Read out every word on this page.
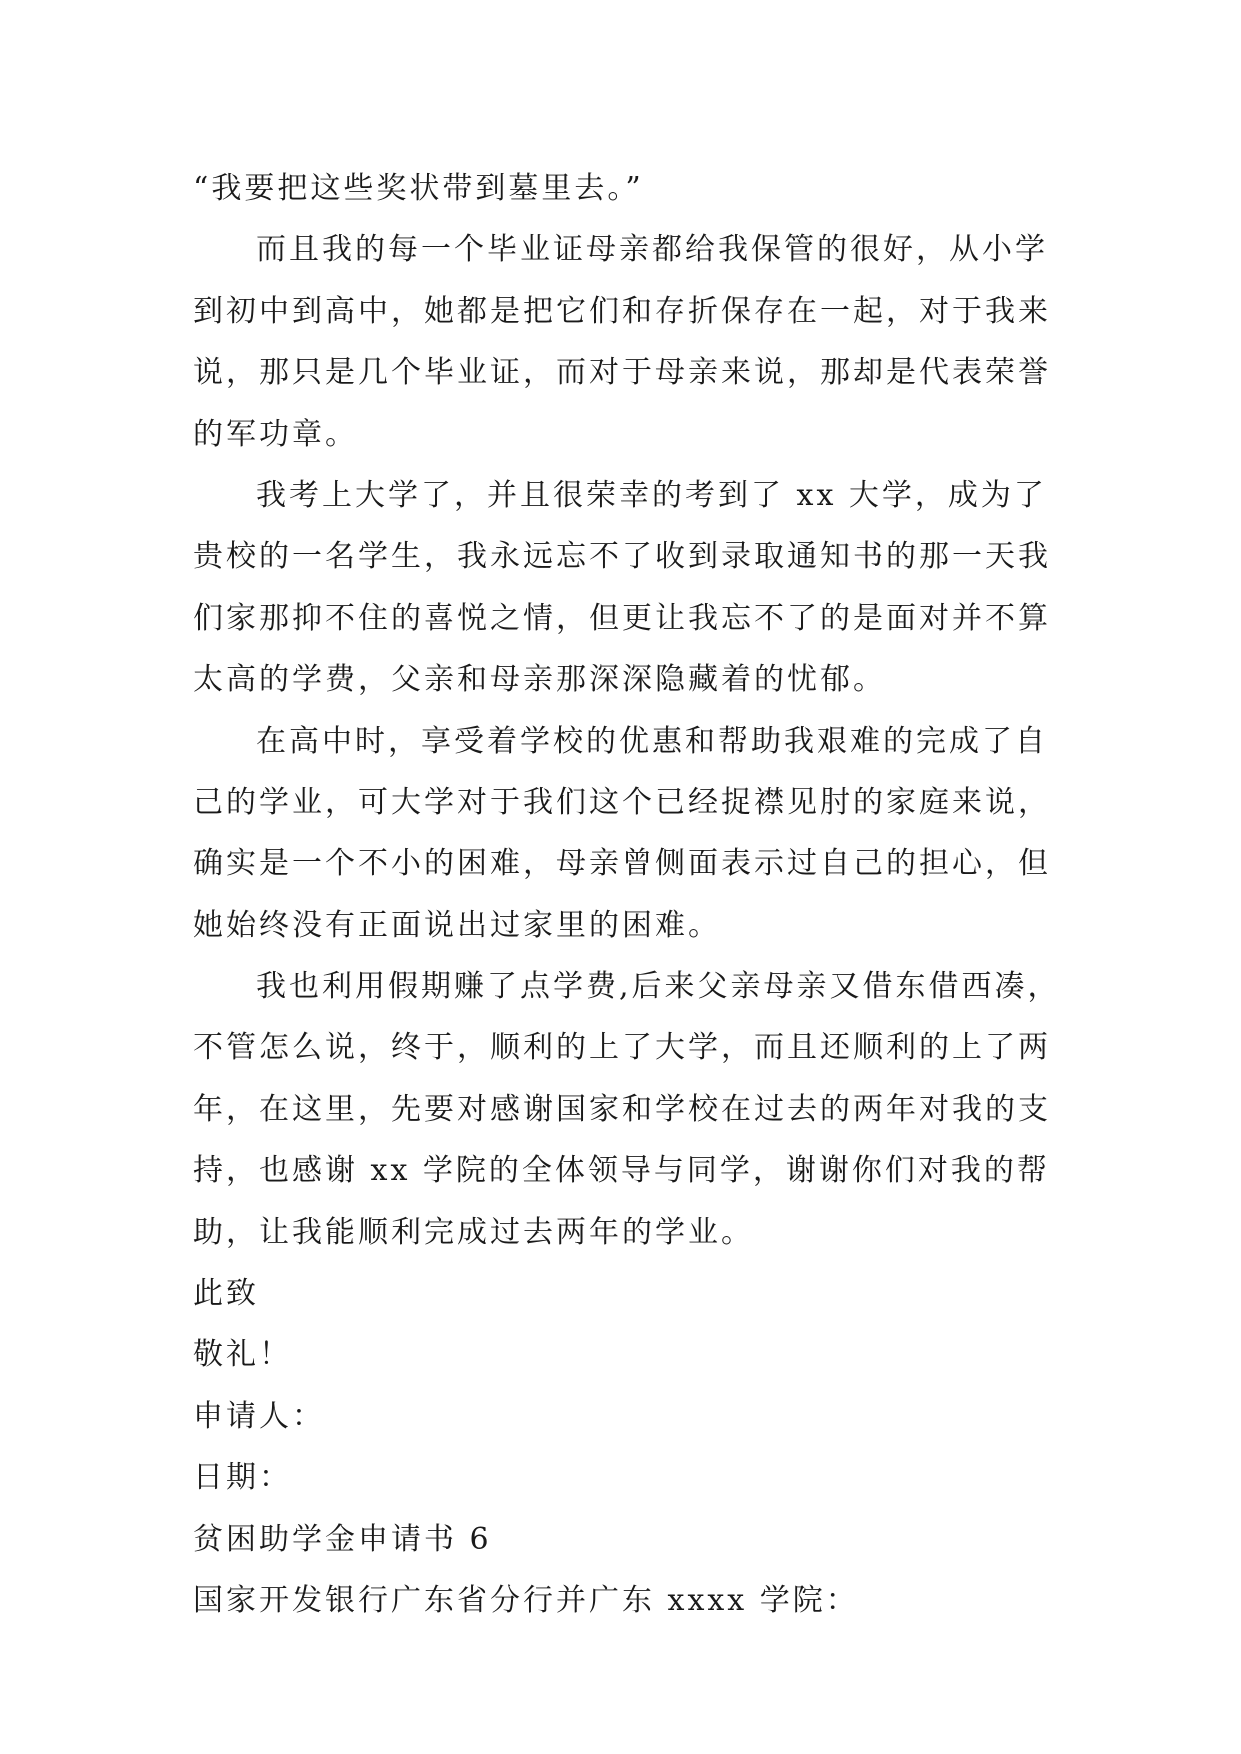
“我要把这些奖状带到墓里去。”
而且我的每一个毕业证母亲都给我保管的很好，从小学
到初中到高中，她都是把它们和存折保存在一起，对于我来
说，那只是几个毕业证，而对于母亲来说，那却是代表荣誉
的军功章。
我考上大学了，并且很荣幸的考到了 xx 大学，成为了
贵校的一名学生，我永远忘不了收到录取通知书的那一天我
们家那抑不住的喜悦之情，但更让我忘不了的是面对并不算
太高的学费，父亲和母亲那深深隐藏着的忧郁。
在高中时，享受着学校的优惠和帮助我艰难的完成了自
己的学业，可大学对于我们这个已经捉襟见肘的家庭来说，
确实是一个不小的困难，母亲曾侧面表示过自己的担心，但
她始终没有正面说出过家里的困难。
我也利用假期赚了点学费,后来父亲母亲又借东借西凑，
不管怎么说，终于，顺利的上了大学，而且还顺利的上了两
年，在这里，先要对感谢国家和学校在过去的两年对我的支
持，也感谢 xx 学院的全体领导与同学，谢谢你们对我的帮
助，让我能顺利完成过去两年的学业。
此致
敬礼！
申请人：
日期：
贫困助学金申请书 6
国家开发银行广东省分行并广东 xxxx 学院：
